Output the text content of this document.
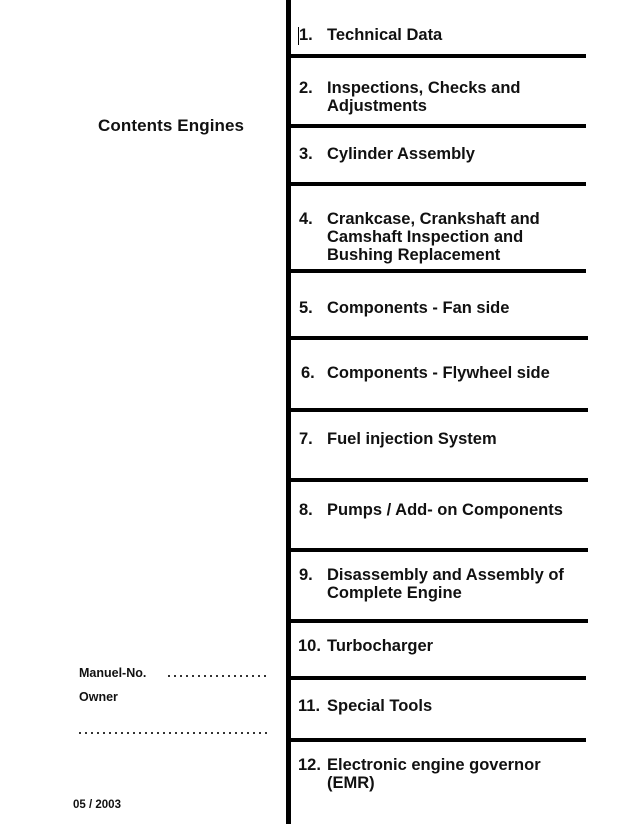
Contents Engines
1. Technical Data
2. Inspections, Checks and Adjustments
3. Cylinder Assembly
4. Crankcase, Crankshaft and Camshaft Inspection and Bushing Replacement
5. Components - Fan side
6. Components - Flywheel side
7. Fuel injection System
8. Pumps / Add- on Components
9. Disassembly and Assembly of Complete Engine
10. Turbocharger
11. Special Tools
12. Electronic engine governor (EMR)
Manuel-No.
Owner
05 / 2003
